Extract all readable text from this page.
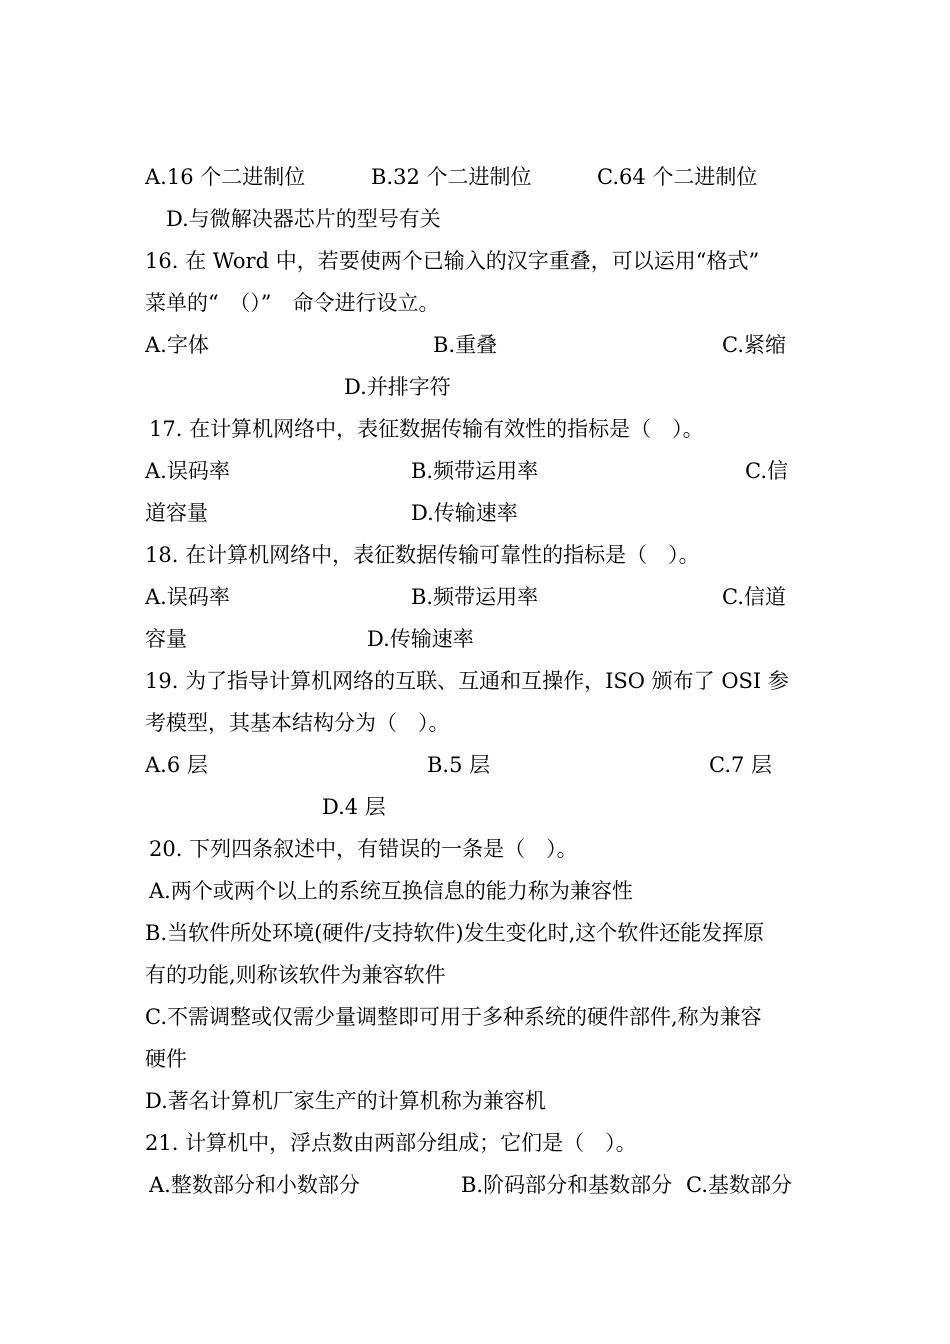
A.16 个二进制位	B.32 个二进制位	C.64 个二进制位
D.与微解决器芯片的型号有关
16. 在 Word 中，若要使两个已输入的汉字重叠，可以运用“格式”
菜单的“　（）”　命令进行设立。
A.字体	B.重叠	C.紧缩
D.并排字符
17. 在计算机网络中，表征数据传输有效性的指标是（　）。
A.误码率	B.频带运用率	C.信
道容量	D.传输速率
18. 在计算机网络中，表征数据传输可靠性的指标是（　）。
A.误码率	B.频带运用率	C.信道
容量	D.传输速率
19. 为了指导计算机网络的互联、互通和互操作，ISO 颁布了 OSI 参
考模型，其基本结构分为（　）。
A.6 层	B.5 层	C.7 层
D.4 层
20. 下列四条叙述中，有错误的一条是（　）。
A.两个或两个以上的系统互换信息的能力称为兼容性
B.当软件所处环境(硬件/支持软件)发生变化时,这个软件还能发挥原
有的功能,则称该软件为兼容软件
C.不需调整或仅需少量调整即可用于多种系统的硬件部件,称为兼容
硬件
D.著名计算机厂家生产的计算机称为兼容机
21. 计算机中，浮点数由两部分组成；它们是（　）。
A.整数部分和小数部分	B.阶码部分和基数部分 C.基数部分
